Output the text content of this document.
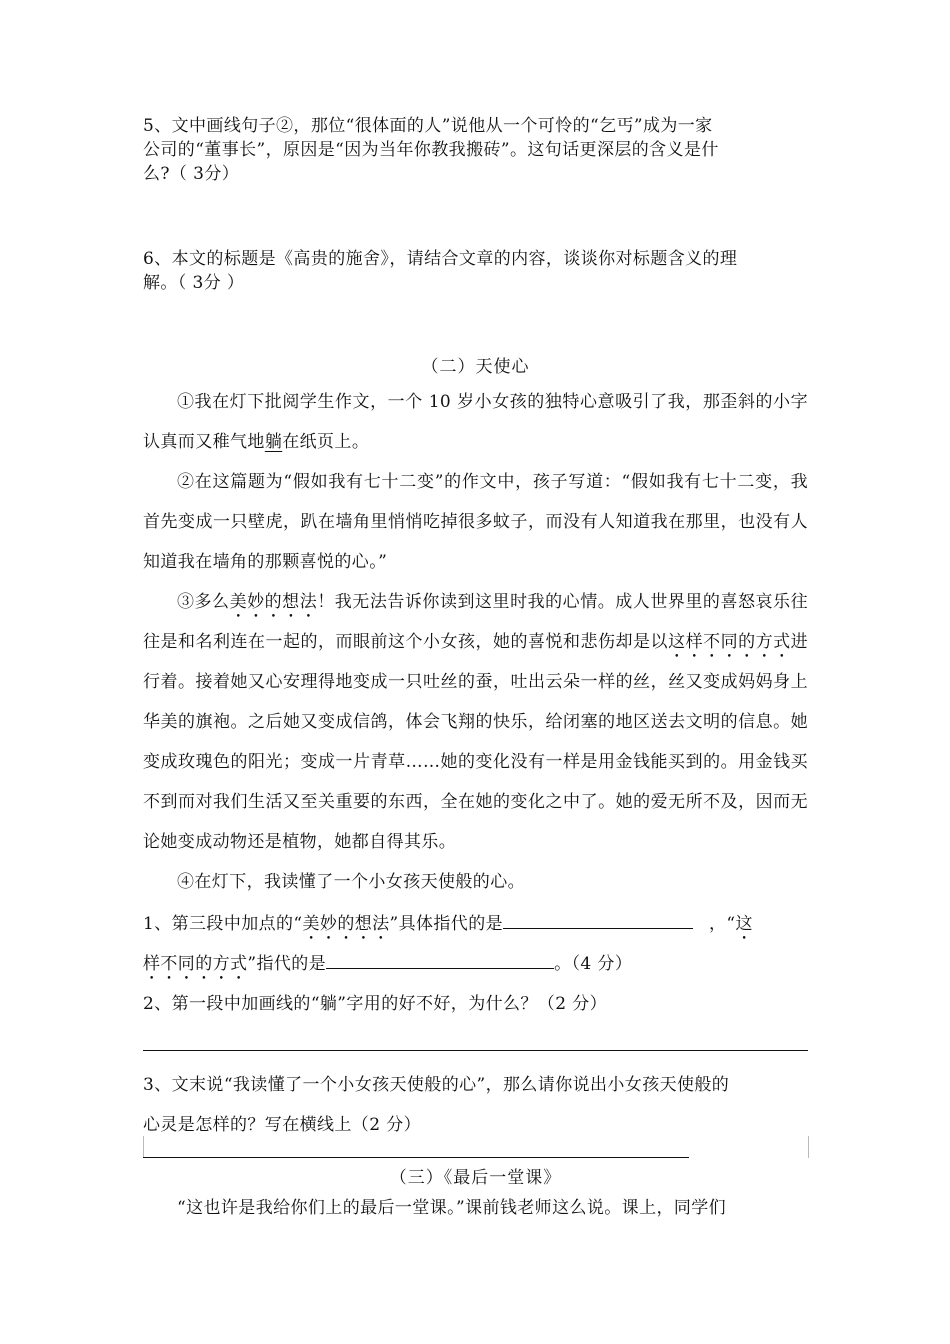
5、文中画线句子②，那位“很体面的人”说他从一个可怜的“乞丐”成为一家
公司的“董事长”，原因是“因为当年你教我搬砖”。这句话更深层的含义是什
么?（ 3分）
6、本文的标题是《高贵的施舍》，请结合文章的内容，谈谈你对标题含义的理
解。（ 3分 ）
（二）天使心
①我在灯下批阅学生作文，一个 10 岁小女孩的独特心意吸引了我，那歪斜的小字认真而又稚气地躺在纸页上。
②在这篇题为“假如我有七十二变”的作文中，孩子写道：“假如我有七十二变，我首先变成一只壁虎，趴在墙角里悄悄吃掉很多蚊子，而没有人知道我在那里，也没有人知道我在墙角的那颗喜悦的心。”
③多么美妙的想法！我无法告诉你读到这里时我的心情。成人世界里的喜怒哀乐往往是和名利连在一起的，而眼前这个小女孩，她的喜悦和悲伤却是以这样不同的方式进行着。接着她又心安理得地变成一只吐丝的蚕，吐出云朵一样的丝，丝又变成妈妈身上华美的旗袍。之后她又变成信鸽，体会飞翔的快乐，给闭塞的地区送去文明的信息。她变成玫瑰色的阳光；变成一片青草……她的变化没有一样是用金钱能买到的。用金钱买不到而对我们生活又至关重要的东西，全在她的变化之中了。她的爱无所不及，因而无论她变成动物还是植物，她都自得其乐。
④在灯下，我读懂了一个小女孩天使般的心。
1、第三段中加点的“美妙的想法”具体指代的是	，“这
样不同的方式”指代的是	。（4 分）
2、第一段中加画线的“躺”字用的好不好，为什么？（2 分）
3、文末说“我读懂了一个小女孩天使般的心”，那么请你说出小女孩天使般的
心灵是怎样的？写在横线上（2 分）
（三）《最后一堂课》
“这也许是我给你们上的最后一堂课。”课前钱老师这么说。课上，同学们
